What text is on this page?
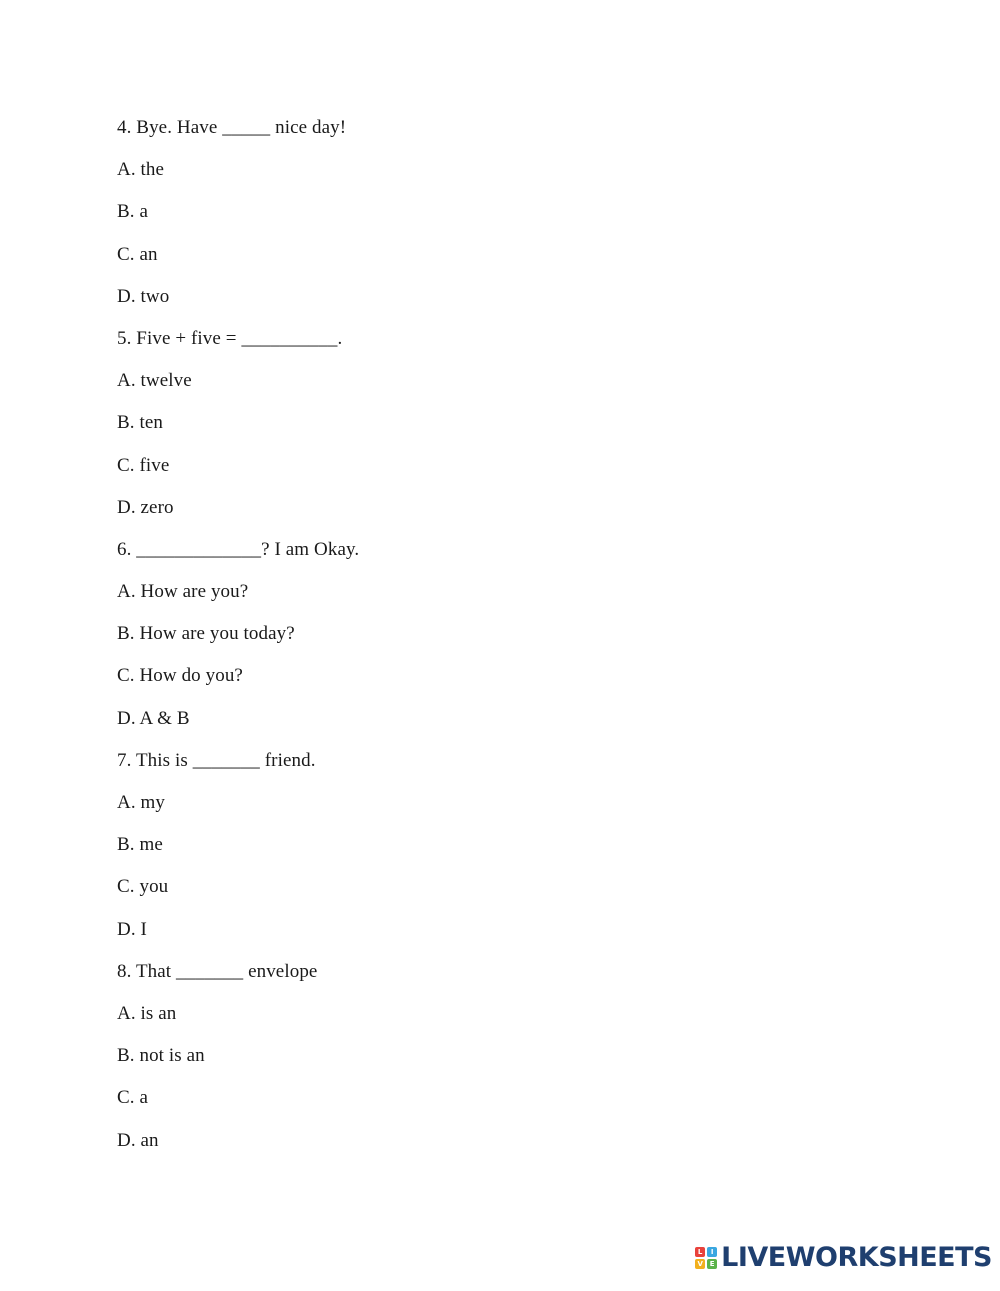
4. Bye. Have _____ nice day!
A. the
B. a
C. an
D. two
5. Five + five = __________.
A. twelve
B. ten
C. five
D. zero
6. _____________? I am Okay.
A. How are you?
B. How are you today?
C. How do you?
D. A & B
7. This is _______ friend.
A. my
B. me
C. you
D. I
8. That _______ envelope
A. is an
B. not is an
C. a
D. an
L	I
V E LIVEWORKSHEETS
